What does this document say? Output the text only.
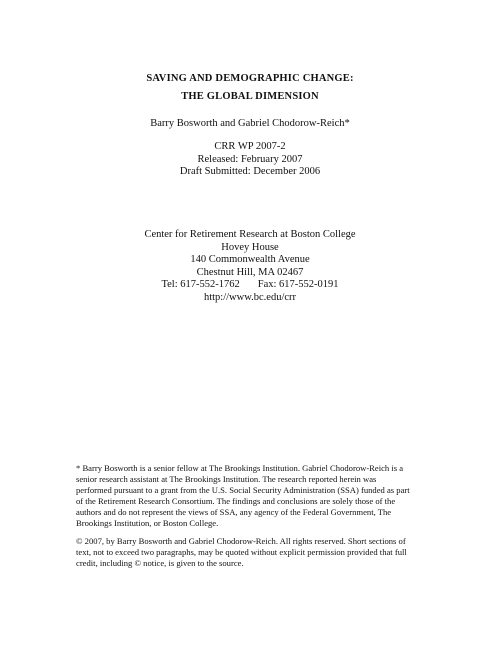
SAVING AND DEMOGRAPHIC CHANGE:
THE GLOBAL DIMENSION
Barry Bosworth and Gabriel Chodorow-Reich*
CRR WP 2007-2
Released: February 2007
Draft Submitted: December 2006
Center for Retirement Research at Boston College
Hovey House
140 Commonwealth Avenue
Chestnut Hill, MA 02467
Tel: 617-552-1762 Fax: 617-552-0191
http://www.bc.edu/crr
* Barry Bosworth is a senior fellow at The Brookings Institution. Gabriel Chodorow-Reich is a
senior research assistant at The Brookings Institution. The research reported herein was
performed pursuant to a grant from the U.S. Social Security Administration (SSA) funded as part
of the Retirement Research Consortium. The findings and conclusions are solely those of the
authors and do not represent the views of SSA, any agency of the Federal Government, The
Brookings Institution, or Boston College.
© 2007, by Barry Bosworth and Gabriel Chodorow-Reich. All rights reserved. Short sections of
text, not to exceed two paragraphs, may be quoted without explicit permission provided that full
credit, including © notice, is given to the source.
